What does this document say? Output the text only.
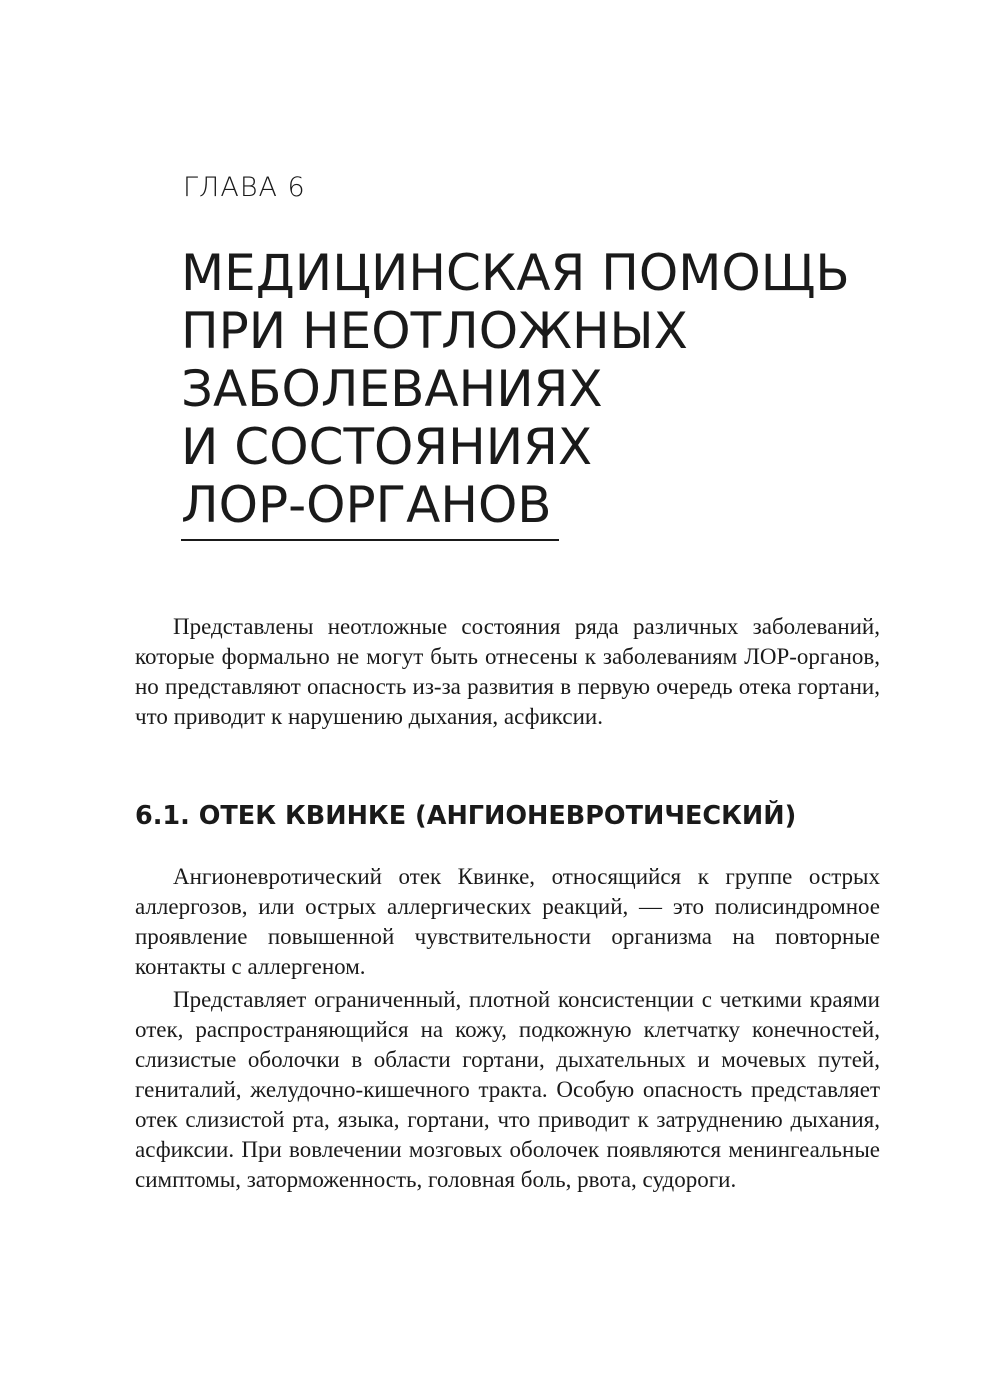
ГЛАВА 6
МЕДИЦИНСКАЯ ПОМОЩЬ
ПРИ НЕОТЛОЖНЫХ
ЗАБОЛЕВАНИЯХ
И СОСТОЯНИЯХ
ЛОР-ОРГАНОВ

Представлены неотложные состояния ряда различных заболеваний, которые формально не могут быть отнесены к заболеваниям ЛОР-органов, но представляют опасность из-за развития в первую очередь отека гортани, что приводит к нарушению дыхания, асфиксии.

6.1. ОТЕК КВИНКЕ (АНГИОНЕВРОТИЧЕСКИЙ)

Ангионевротический отек Квинке, относящийся к группе острых аллергозов, или острых аллергических реакций, — это полисиндромное проявление повышенной чувствительности организма на повторные контакты с аллергеном.

Представляет ограниченный, плотной консистенции с четкими краями отек, распространяющийся на кожу, подкожную клетчатку конечностей, слизистые оболочки в области гортани, дыхательных и мочевых путей, гениталий, желудочно-кишечного тракта. Особую опасность представляет отек слизистой рта, языка, гортани, что приводит к затруднению дыхания, асфиксии. При вовлечении мозговых оболочек появляются менингеальные симптомы, заторможенность, головная боль, рвота, судороги.
